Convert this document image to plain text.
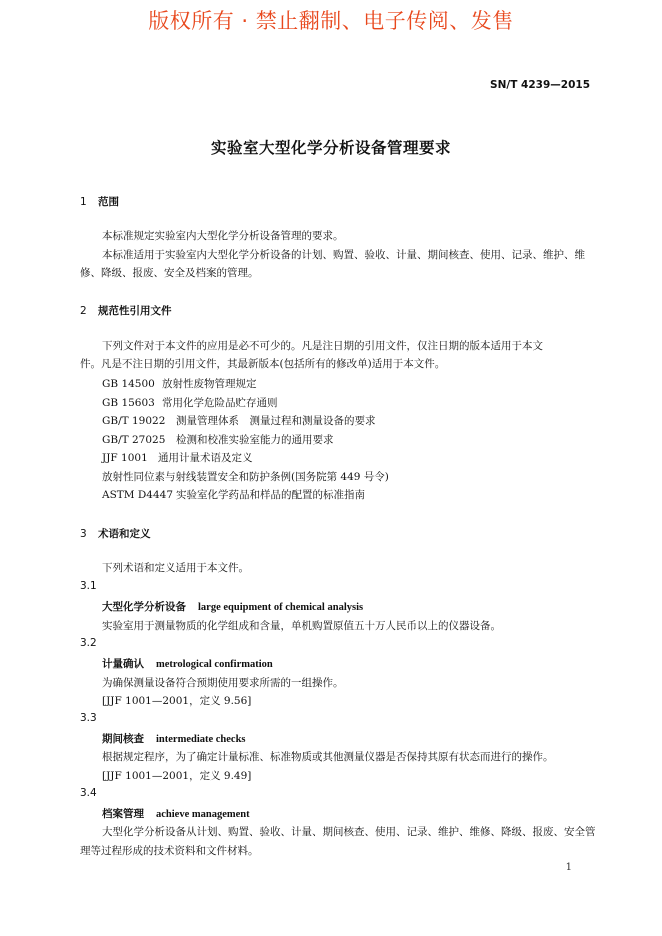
版权所有 · 禁止翻制、电子传阅、发售
SN/T 4239—2015
实验室大型化学分析设备管理要求
1 范围
本标准规定实验室内大型化学分析设备管理的要求。
本标准适用于实验室内大型化学分析设备的计划、购置、验收、计量、期间核查、使用、记录、维护、维
修、降级、报废、安全及档案的管理。
2 规范性引用文件
下列文件对于本文件的应用是必不可少的。凡是注日期的引用文件，仅注日期的版本适用于本文
件。凡是不注日期的引用文件，其最新版本(包括所有的修改单)适用于本文件。
GB 14500 放射性废物管理规定
GB 15603 常用化学危险品贮存通则
GB/T 19022 测量管理体系　测量过程和测量设备的要求
GB/T 27025 检测和校准实验室能力的通用要求
JJF 1001 通用计量术语及定义
放射性同位素与射线装置安全和防护条例(国务院第 449 号令)
ASTM D4447 实验室化学药品和样品的配置的标准指南
3 术语和定义
下列术语和定义适用于本文件。
3.1
大型化学分析设备 large equipment of chemical analysis
实验室用于测量物质的化学组成和含量，单机购置原值五十万人民币以上的仪器设备。
3.2
计量确认 metrological confirmation
为确保测量设备符合预期使用要求所需的一组操作。
[JJF 1001—2001，定义 9.56]
3.3
期间核查 intermediate checks
根据规定程序，为了确定计量标准、标准物质或其他测量仪器是否保持其原有状态而进行的操作。
[JJF 1001—2001，定义 9.49]
3.4
档案管理 achieve management
大型化学分析设备从计划、购置、验收、计量、期间核查、使用、记录、维护、维修、降级、报废、安全管
理等过程形成的技术资料和文件材料。
1
